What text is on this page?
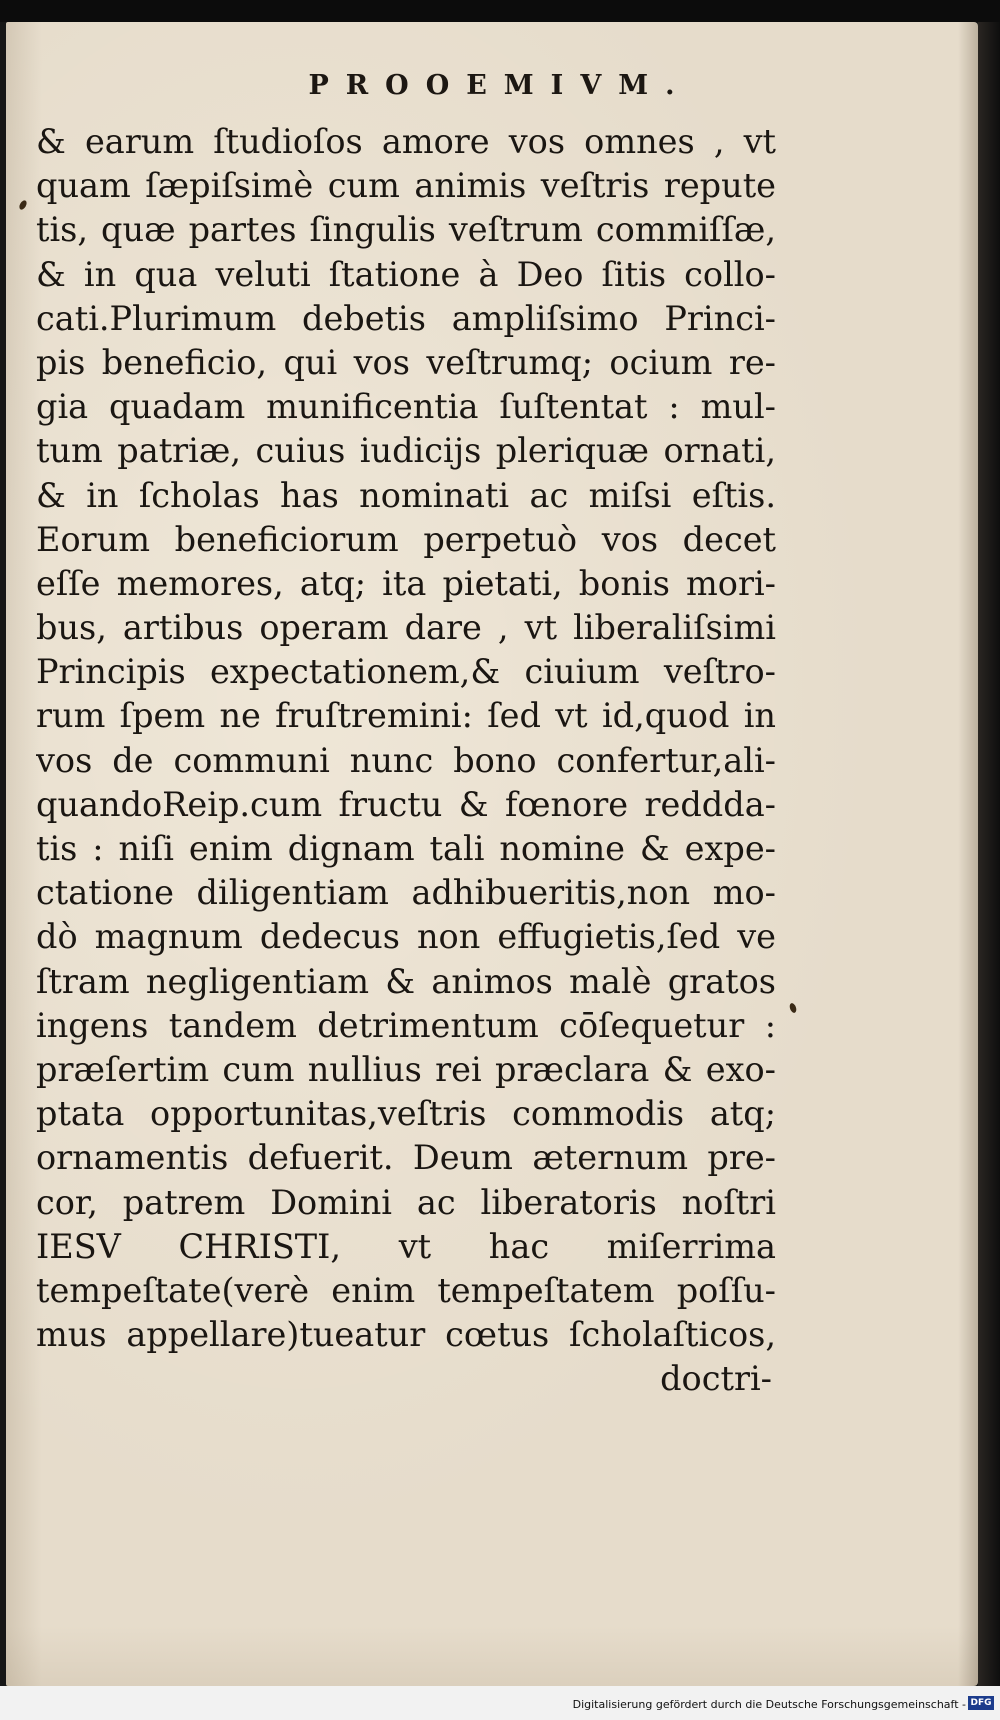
PROOEMIVM.
& earum ſtudioſos amore vos omnes , vt
quam ſæpiſsimè cum animis veſtris repute
tis, quæ partes ſingulis veſtrum commiſſæ,
& in qua veluti ſtatione à Deo ſitis collo-
cati.Plurimum debetis ampliſsimo Princi-
pis beneficio, qui vos veſtrumq; ocium re-
gia quadam munificentia ſuſtentat : mul-
tum patriæ, cuius iudicijs pleriquæ ornati,
& in ſcholas has nominati ac miſsi eſtis.
Eorum beneficiorum perpetuò vos decet
eſſe memores, atq; ita pietati, bonis mori-
bus, artibus operam dare , vt liberaliſsimi
Principis expectationem,& ciuium veſtro-
rum ſpem ne fruſtremini: ſed vt id,quod in
vos de communi nunc bono confertur,ali-
quandoReip.cum fructu & fœnore reddda-
tis : niſi enim dignam tali nomine & expe-
ctatione diligentiam adhibueritis,non mo-
dò magnum dedecus non effugietis,ſed ve
ſtram negligentiam & animos malè gratos
ingens tandem detrimentum cōſequetur :
præſertim cum nullius rei præclara & exo-
ptata opportunitas,veſtris commodis atq;
ornamentis defuerit. Deum æternum pre-
cor, patrem Domini ac liberatoris noſtri
IESV CHRISTI, vt hac miſerrima
tempeſtate(verè enim tempeſtatem poſſu-
mus appellare)tueatur cœtus ſcholaſticos,
doctri-
Digitalisierung gefördert durch die Deutsche Forschungsgemeinschaft - DFG
